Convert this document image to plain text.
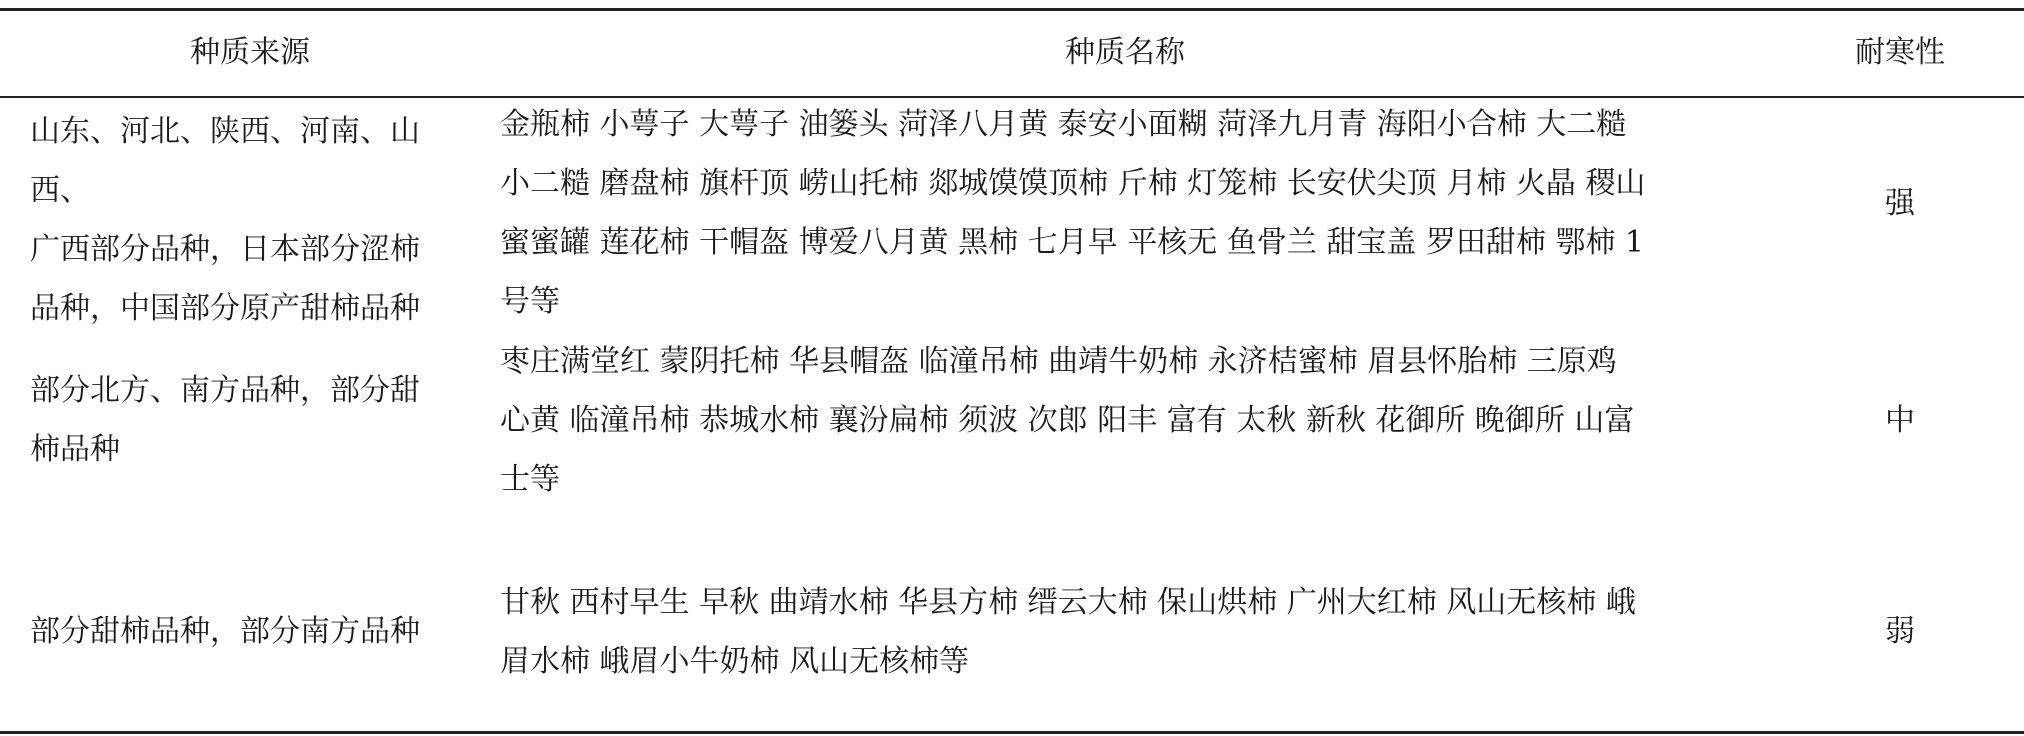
种质来源	种质名称	耐寒性
山东、河北、陕西、河南、山西、
广西部分品种，日本部分涩柿
品种，中国部分原产甜柿品种
金瓶柿 小萼子 大萼子 油篓头 菏泽八月黄 泰安小面糊 菏泽九月青 海阳小合柿 大二糙
小二糙 磨盘柿 旗杆顶 崂山托柿 郯城馍馍顶柿 斤柿 灯笼柿 长安伏尖顶 月柿 火晶 稷山
蜜蜜罐 莲花柿 干帽盔 博爱八月黄 黑柿 七月早 平核无 鱼骨兰 甜宝盖 罗田甜柿 鄂柿 1
号等
强
部分北方、南方品种，部分甜
柿品种
枣庄满堂红 蒙阴托柿 华县帽盔 临潼吊柿 曲靖牛奶柿 永济桔蜜柿 眉县怀胎柿 三原鸡
心黄 临潼吊柿 恭城水柿 襄汾扁柿 须波 次郎 阳丰 富有 太秋 新秋 花御所 晚御所 山富
士等
中
部分甜柿品种，部分南方品种
甘秋 西村早生 早秋 曲靖水柿 华县方柿 缙云大柿 保山烘柿 广州大红柿 风山无核柿 峨
眉水柿 峨眉小牛奶柿 风山无核柿等
弱
